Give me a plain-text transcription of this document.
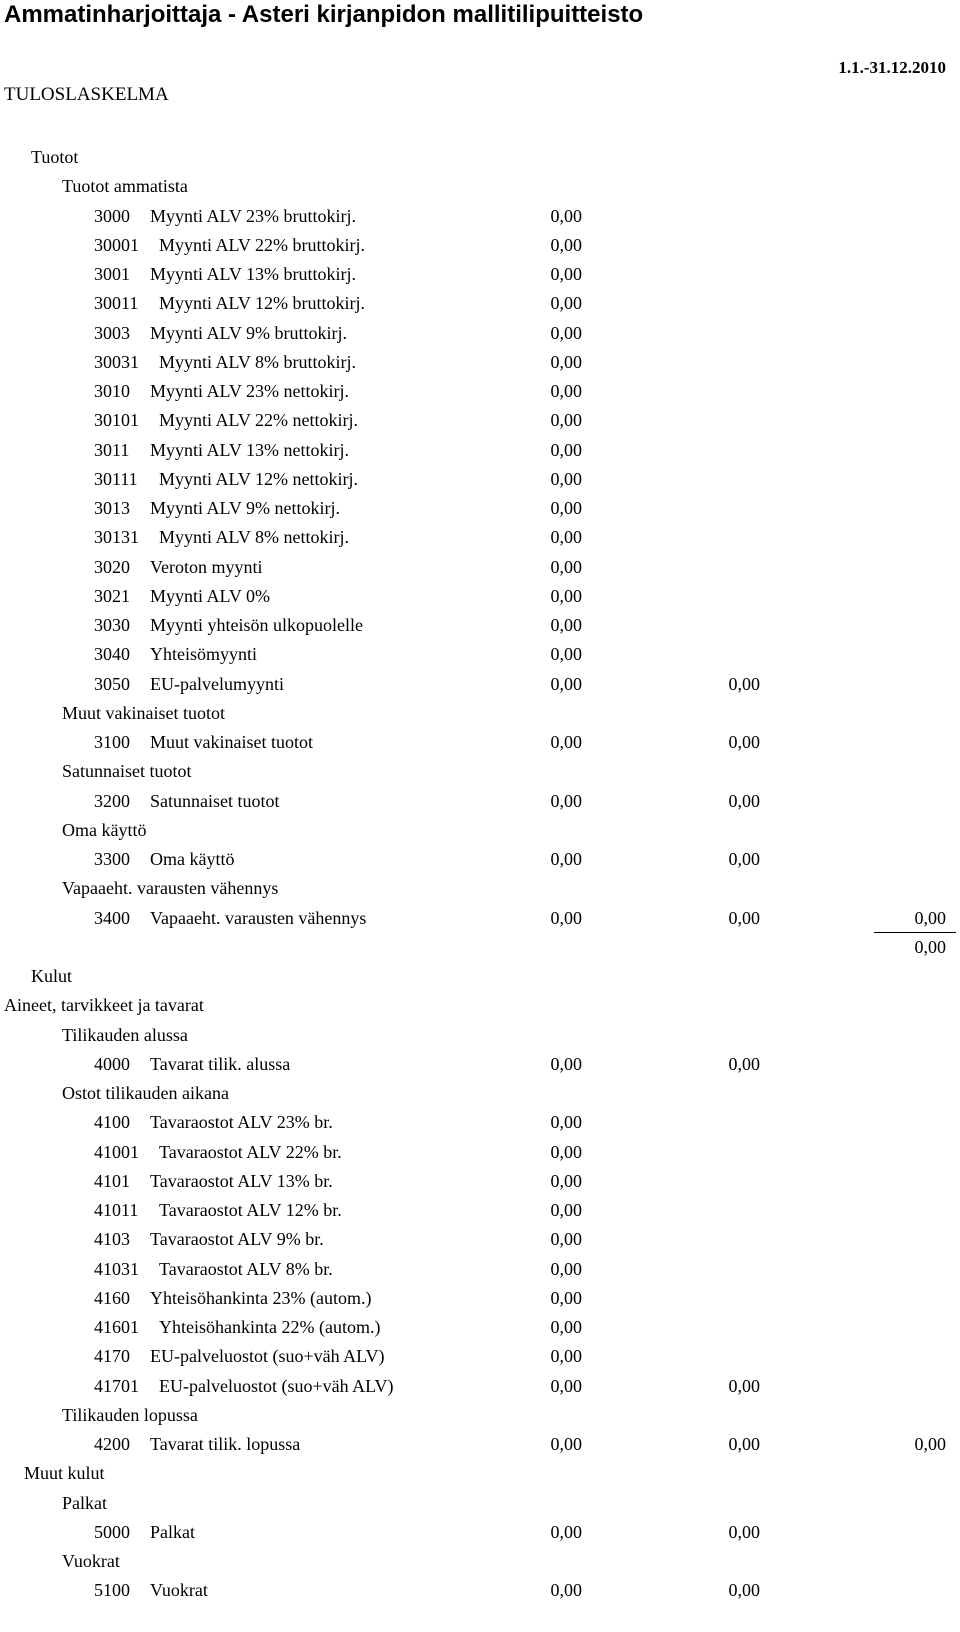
Ammatinharjoittaja - Asteri kirjanpidon mallitilipuitteisto
1.1.-31.12.2010
TULOSLASKELMA
Tuotot
Tuotot ammatista
3000 Myynti ALV 23% bruttokirj.	0,00
30001 Myynti ALV 22% bruttokirj.	0,00
3001 Myynti ALV 13% bruttokirj.	0,00
30011 Myynti ALV 12% bruttokirj.	0,00
3003 Myynti ALV 9% bruttokirj.	0,00
30031 Myynti ALV 8% bruttokirj.	0,00
3010 Myynti ALV 23% nettokirj.	0,00
30101 Myynti ALV 22% nettokirj.	0,00
3011 Myynti ALV 13% nettokirj.	0,00
30111 Myynti ALV 12% nettokirj.	0,00
3013 Myynti ALV 9% nettokirj.	0,00
30131 Myynti ALV 8% nettokirj.	0,00
3020 Veroton myynti	0,00
3021 Myynti ALV 0%	0,00
3030 Myynti yhteisön ulkopuolelle	0,00
3040 Yhteisömyynti	0,00
3050 EU-palvelumyynti	0,00	0,00
Muut vakinaiset tuotot
3100 Muut vakinaiset tuotot	0,00	0,00
Satunnaiset tuotot
3200 Satunnaiset tuotot	0,00	0,00
Oma käyttö
3300 Oma käyttö	0,00	0,00
Vapaaeht. varausten vähennys
3400 Vapaaeht. varausten vähennys	0,00	0,00	0,00
0,00
Kulut
Aineet, tarvikkeet ja tavarat
Tilikauden alussa
4000 Tavarat tilik. alussa	0,00	0,00
Ostot tilikauden aikana
4100 Tavaraostot ALV 23% br.	0,00
41001 Tavaraostot ALV 22% br.	0,00
4101 Tavaraostot ALV 13% br.	0,00
41011 Tavaraostot ALV 12% br.	0,00
4103 Tavaraostot ALV 9% br.	0,00
41031 Tavaraostot ALV 8% br.	0,00
4160 Yhteisöhankinta 23% (autom.)	0,00
41601 Yhteisöhankinta 22% (autom.)	0,00
4170 EU-palveluostot (suo+väh ALV)	0,00
41701 EU-palveluostot (suo+väh ALV)	0,00	0,00
Tilikauden lopussa
4200 Tavarat tilik. lopussa	0,00	0,00	0,00
Muut kulut
Palkat
5000 Palkat	0,00	0,00
Vuokrat
5100 Vuokrat	0,00	0,00
